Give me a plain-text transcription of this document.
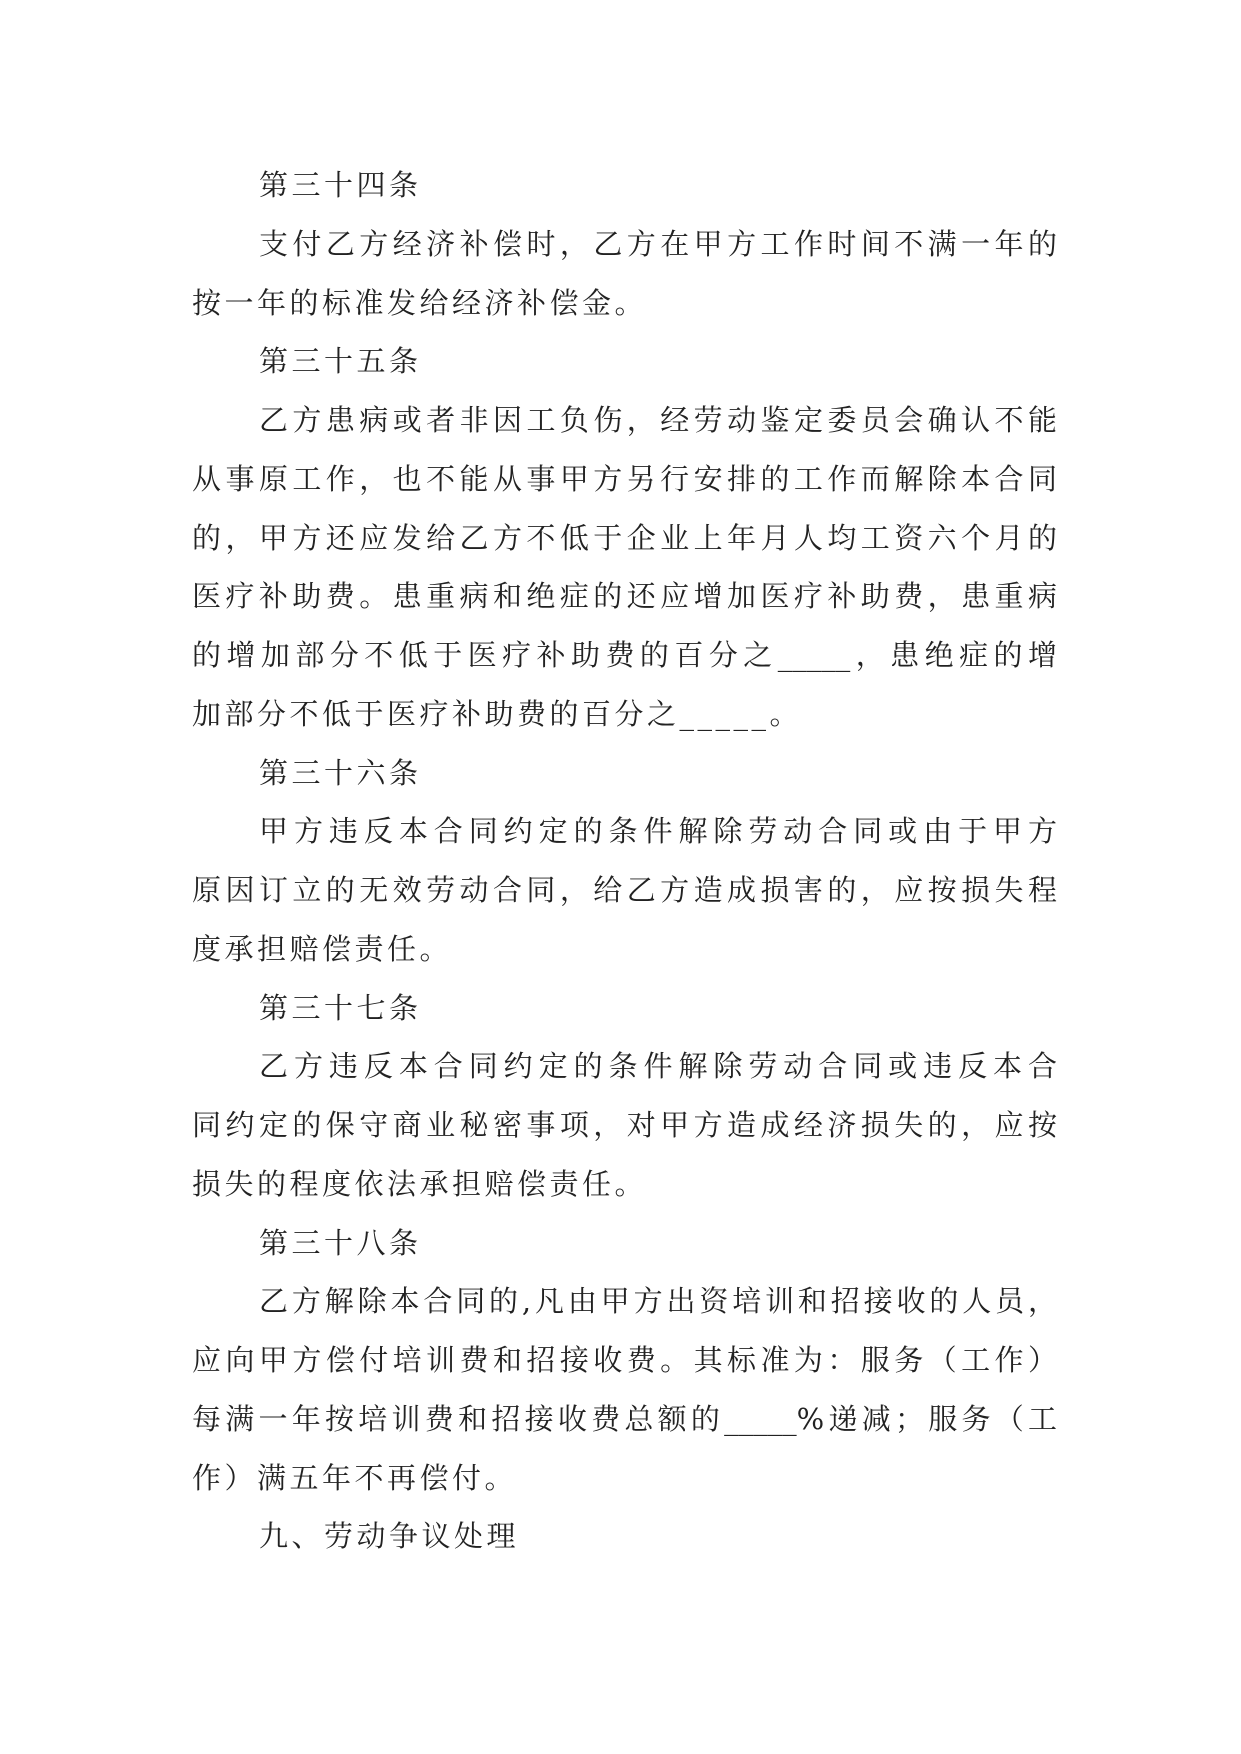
第三十四条
支付乙方经济补偿时，乙方在甲方工作时间不满一年的
按一年的标准发给经济补偿金。
第三十五条
乙方患病或者非因工负伤，经劳动鉴定委员会确认不能
从事原工作，也不能从事甲方另行安排的工作而解除本合同
的，甲方还应发给乙方不低于企业上年月人均工资六个月的
医疗补助费。患重病和绝症的还应增加医疗补助费，患重病
的增加部分不低于医疗补助费的百分之_____，患绝症的增
加部分不低于医疗补助费的百分之_____。
第三十六条
甲方违反本合同约定的条件解除劳动合同或由于甲方
原因订立的无效劳动合同，给乙方造成损害的，应按损失程
度承担赔偿责任。
第三十七条
乙方违反本合同约定的条件解除劳动合同或违反本合
同约定的保守商业秘密事项，对甲方造成经济损失的，应按
损失的程度依法承担赔偿责任。
第三十八条
乙方解除本合同的,凡由甲方出资培训和招接收的人员，
应向甲方偿付培训费和招接收费。其标准为：服务（工作）
每满一年按培训费和招接收费总额的_____%递减；服务（工
作）满五年不再偿付。
九、劳动争议处理
